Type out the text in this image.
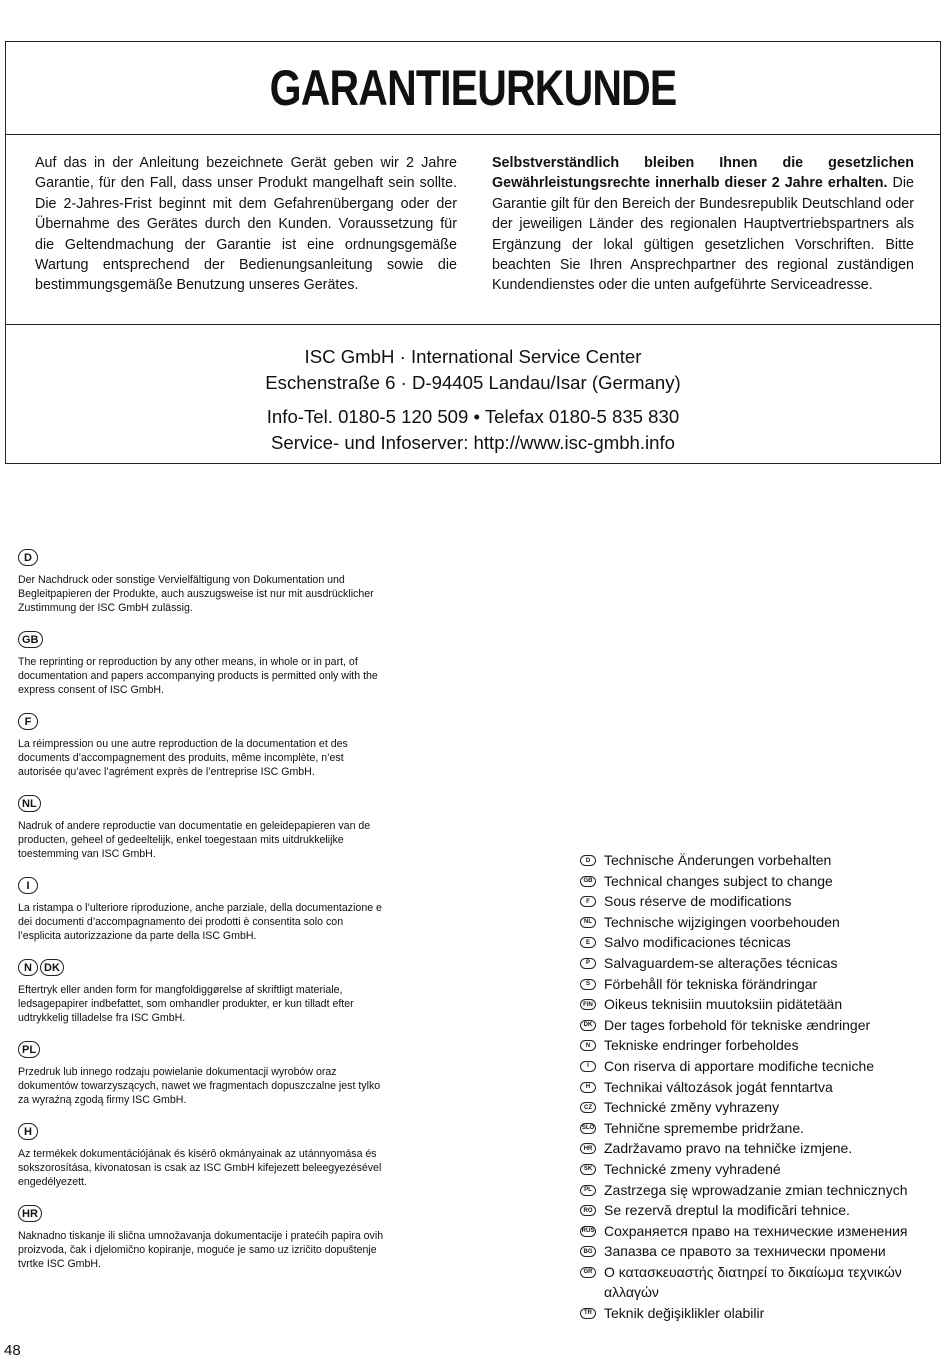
GARANTIEURKUNDE
Auf das in der Anleitung bezeichnete Gerät geben wir 2 Jahre Garantie, für den Fall, dass unser Produkt mangelhaft sein sollte. Die 2-Jahres-Frist beginnt mit dem Gefahrenübergang oder der Übernahme des Gerätes durch den Kunden. Voraussetzung für die Geltendmachung der Garantie ist eine ordnungsgemäße Wartung entsprechend der Bedienungsanleitung sowie die bestimmungsgemäße Benutzung unseres Gerätes.
Selbstverständlich bleiben Ihnen die gesetzlichen Gewährleistungsrechte innerhalb dieser 2 Jahre erhalten. Die Garantie gilt für den Bereich der Bundesrepublik Deutschland oder der jeweiligen Länder des regionalen Hauptvertriebspartners als Ergänzung der lokal gültigen gesetzlichen Vorschriften. Bitte beachten Sie Ihren Ansprechpartner des regional zuständigen Kundendienstes oder die unten aufgeführte Serviceadresse.
ISC GmbH · International Service Center
Eschenstraße 6 · D-94405 Landau/Isar (Germany)
Info-Tel. 0180-5 120 509 • Telefax 0180-5 835 830
Service- und Infoserver: http://www.isc-gmbh.info
D
Der Nachdruck oder sonstige Vervielfältigung von Dokumentation und Begleitpapieren der Produkte, auch auszugsweise ist nur mit ausdrücklicher Zustimmung der ISC GmbH zulässig.
GB
The reprinting or reproduction by any other means, in whole or in part, of documentation and papers accompanying products is permitted only with the express consent of ISC GmbH.
F
La réimpression ou une autre reproduction de la documentation et des documents d’accompagnement des produits, même incomplète, n’est autorisée qu’avec l’agrément exprès de l’entreprise ISC GmbH.
NL
Nadruk of andere reproductie van documentatie en geleidepapieren van de producten, geheel of gedeeltelijk, enkel toegestaan mits uitdrukkelijke toestemming van ISC GmbH.
I
La ristampa o l’ulteriore riproduzione, anche parziale, della documentazione e dei documenti d’accompagnamento dei prodotti è consentita solo con l’esplicita autorizzazione da parte della ISC GmbH.
N	DK
Eftertryk eller anden form for mangfoldiggørelse af skriftligt materiale, ledsagepapirer indbefattet, som omhandler produkter, er kun tilladt efter udtrykkelig tilladelse fra ISC GmbH.
PL
Przedruk lub innego rodzaju powielanie dokumentacji wyrobów oraz dokumentów towarzyszących, nawet we fragmentach dopuszczalne jest tylko za wyraźną zgodą firmy ISC GmbH.
H
Az termékek dokumentációjának és kisérô okmányainak az utánnyomása és sokszorosítása, kivonatosan is csak az ISC GmbH kifejezett beleegyezésével engedélyezett.
HR
Naknadno tiskanje ili slična umnožavanja dokumentacije i pratećih papira ovih proizvoda, čak i djelomično kopiranje, moguće je samo uz izričito dopuštenje tvrtke ISC GmbH.
D Technische Änderungen vorbehalten
GB Technical changes subject to change
F	Sous réserve de modifications
NL Technische wijzigingen voorbehouden
E	Salvo modificaciones técnicas
P	Salvaguardem-se alterações técnicas
S	Förbehåll för tekniska förändringar
FIN Oikeus teknisiin muutoksiin pidätetään
DK Der tages forbehold för tekniske ændringer
N Tekniske endringer forbeholdes
I	Con riserva di apportare modifiche tecniche
H Technikai változások jogát fenntartva
CZ Technické změny vyhrazeny
SLO Tehnične spremembe pridržane.
HR Zadržavamo pravo na tehničke izmjene.
SK Technické zmeny vyhradené
PL Zastrzega się wprowadzanie zmian technicznych
RO Se rezervă dreptul la modificări tehnice.
RUS Сохраняется право на технические изменения
BG Запазва се правото за технически промени
GR Ο κατασκευαστής διατηρεί το δικαίωμα τεχνικών αλλαγών
TR Teknik değişiklikler olabilir
48
